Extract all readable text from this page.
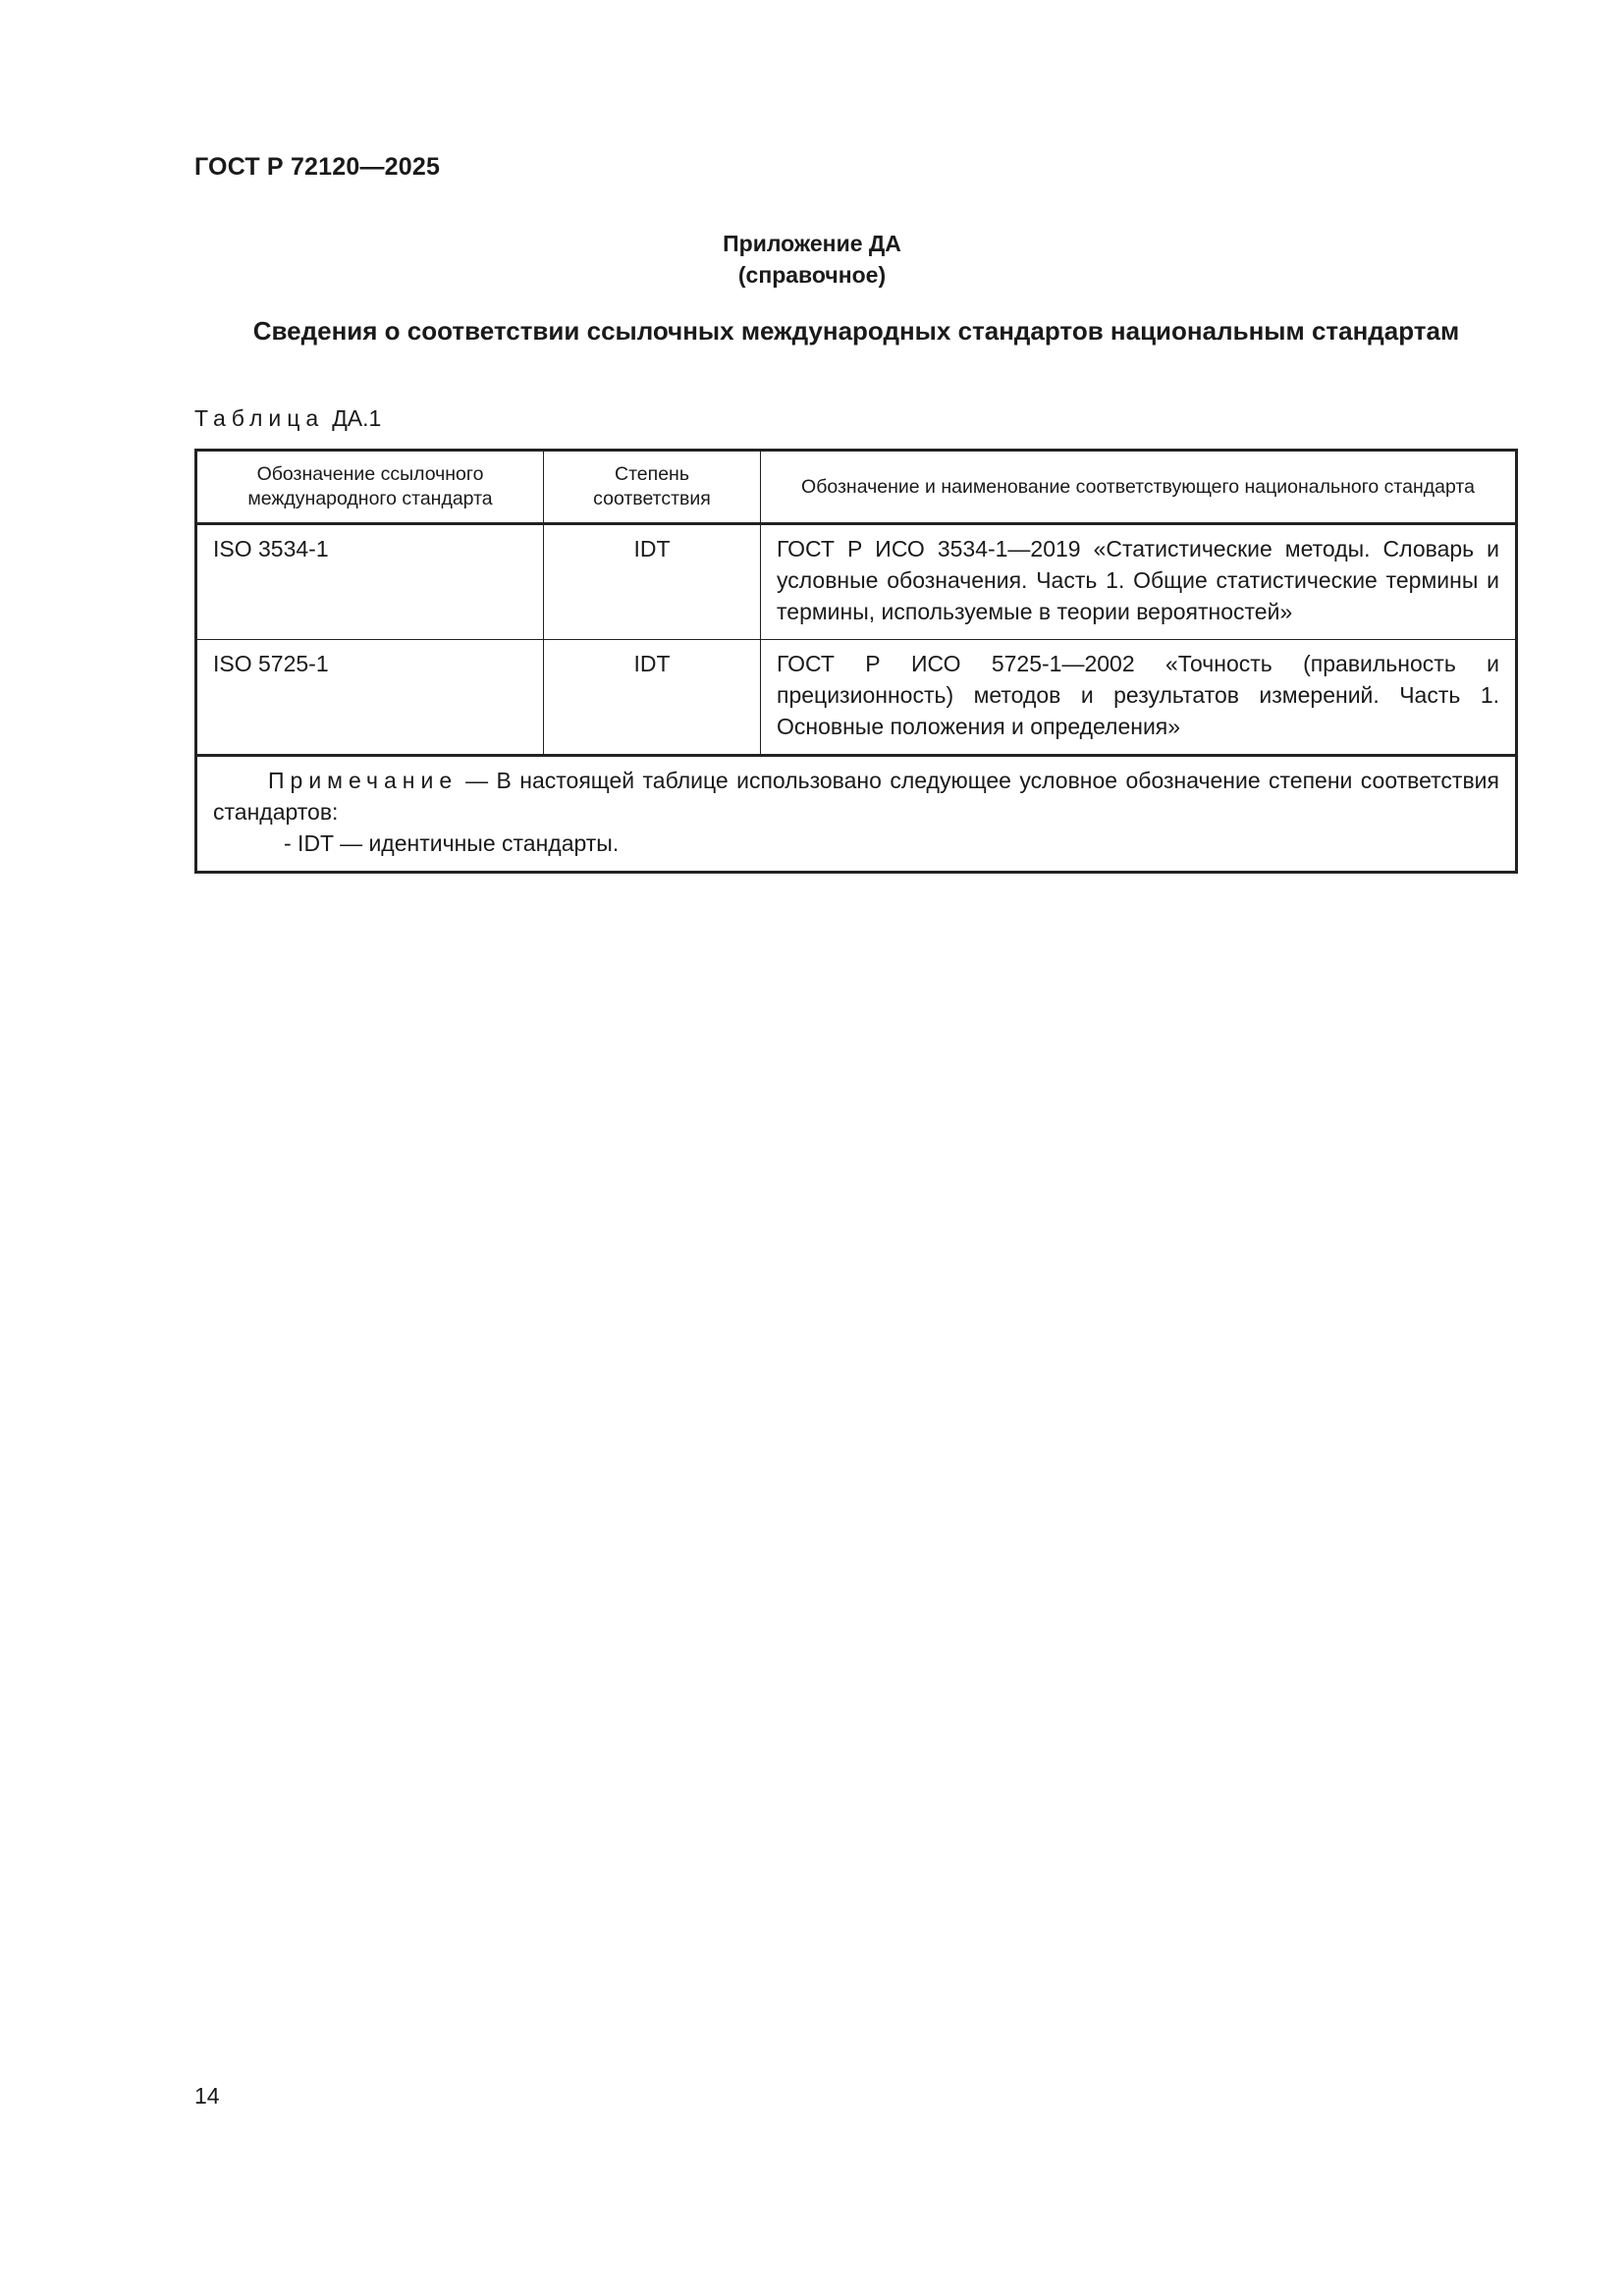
ГОСТ Р 72120—2025
Приложение ДА
(справочное)
Сведения о соответствии ссылочных международных стандартов национальным стандартам
Таблица ДА.1
Обозначение ссылочного международного стандарта	Степень соответствия	Обозначение и наименование соответствующего национального стандарта
ISO 3534-1	IDT	ГОСТ Р ИСО 3534-1—2019 «Статистические методы. Словарь и условные обозначения. Часть 1. Общие статистические термины и термины, используемые в теории вероятностей»
ISO 5725-1	IDT	ГОСТ Р ИСО 5725-1—2002 «Точность (правильность и прецизионность) методов и результатов измерений. Часть 1. Основные положения и определения»

Примечание — В настоящей таблице использовано следующее условное обозначение степени соответствия стандартов:
- IDT — идентичные стандарты.		
14
